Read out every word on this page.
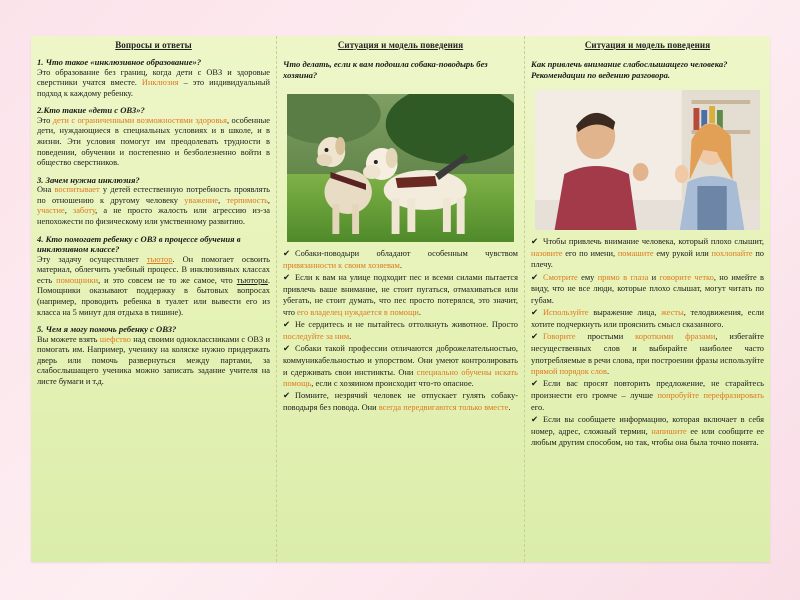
Вопросы и ответы
1. Что такое «инклюзивное образование»?

Это образование без границ, когда дети с ОВЗ и здоровые сверстники учатся вместе. Инклюзия – это индивидуальный подход к каждому ребенку.

2.Кто такие «дети с ОВЗ»?

Это дети с ограниченными возможностями здоровья, особенные дети, нуждающиеся в специальных условиях и в школе, и в жизни. Эти условия помогут им преодолевать трудности в поведении, обучении и постепенно и безболезненно войти в общество сверстников.

3. Зачем нужна инклюзия?

Она воспитывает у детей естественную потребность проявлять по отношению к другому человеку уважение, терпимость, участие, заботу, а не просто жалость или агрессию из-за непохожести по физическому или умственному развитию.

4. Кто помогает ребенку с ОВЗ в процессе обучения в инклюзивном классе?

Эту задачу осуществляет тьютор. Он помогает освоить материал, облегчить учебный процесс. В инклюзивных классах есть помощники, и это совсем не то же самое, что тьюторы. Помощники оказывают поддержку в бытовых вопросах (например, проводить ребенка в туалет или вывести его из класса на 5 минут для отдыха в тишине).

5. Чем я могу помочь ребенку с ОВЗ?

Вы можете взять шефство над своими одноклассниками с ОВЗ и помогать им. Например, ученику на коляске нужно придержать дверь или помочь развернуться между партами, за слабослышащего ученика можно записать задание учителя на листе бумаги и т.д.

Ситуация и модель поведения
Что делать, если к вам подошла собака-поводырь без хозяина?

✔ Собаки-поводыри обладают особенным чувством привязанности к своим хозяевам.

✔ Если к вам на улице подходит пес и всеми силами пытается привлечь ваше внимание, не стоит пугаться, отмахиваться или убегать, не стоит думать, что пес просто потерялся, это значит, что его владелец нуждается в помощи.

✔ Не сердитесь и не пытайтесь оттолкнуть животное. Просто последуйте за ним.

✔ Собаки такой профессии отличаются доброжелательностью, коммуникабельностью и упорством. Они умеют контролировать и сдерживать свои инстинкты. Они специально обучены искать помощь, если с хозяином происходит что-то опасное.

✔ Помните, незрячий человек не отпускает гулять собаку-поводыря без повода. Они всегда передвигаются только вместе.

Ситуация и модель поведения
Как привлечь внимание слабослышащего человека? Рекомендации по ведению разговора.

✔ Чтобы привлечь внимание человека, который плохо слышит, назовите его по имени, помашите ему рукой или похлопайте по плечу.

✔ Смотрите ему прямо в глаза и говорите четко, но имейте в виду, что не все люди, которые плохо слышат, могут читать по губам.

✔ Используйте выражение лица, жесты, телодвижения, если хотите подчеркнуть или прояснить смысл сказанного.

✔ Говорите простыми короткими фразами, избегайте несущественных слов и выбирайте наиболее часто употребляемые в речи слова, при построении фразы используйте прямой порядок слов.

✔ Если вас просят повторить предложение, не старайтесь произнести его громче – лучше попробуйте перефразировать его.

✔ Если вы сообщаете информацию, которая включает в себя номер, адрес, сложный термин, напишите ее или сообщите ее любым другим способом, но так, чтобы она была точно понята.
